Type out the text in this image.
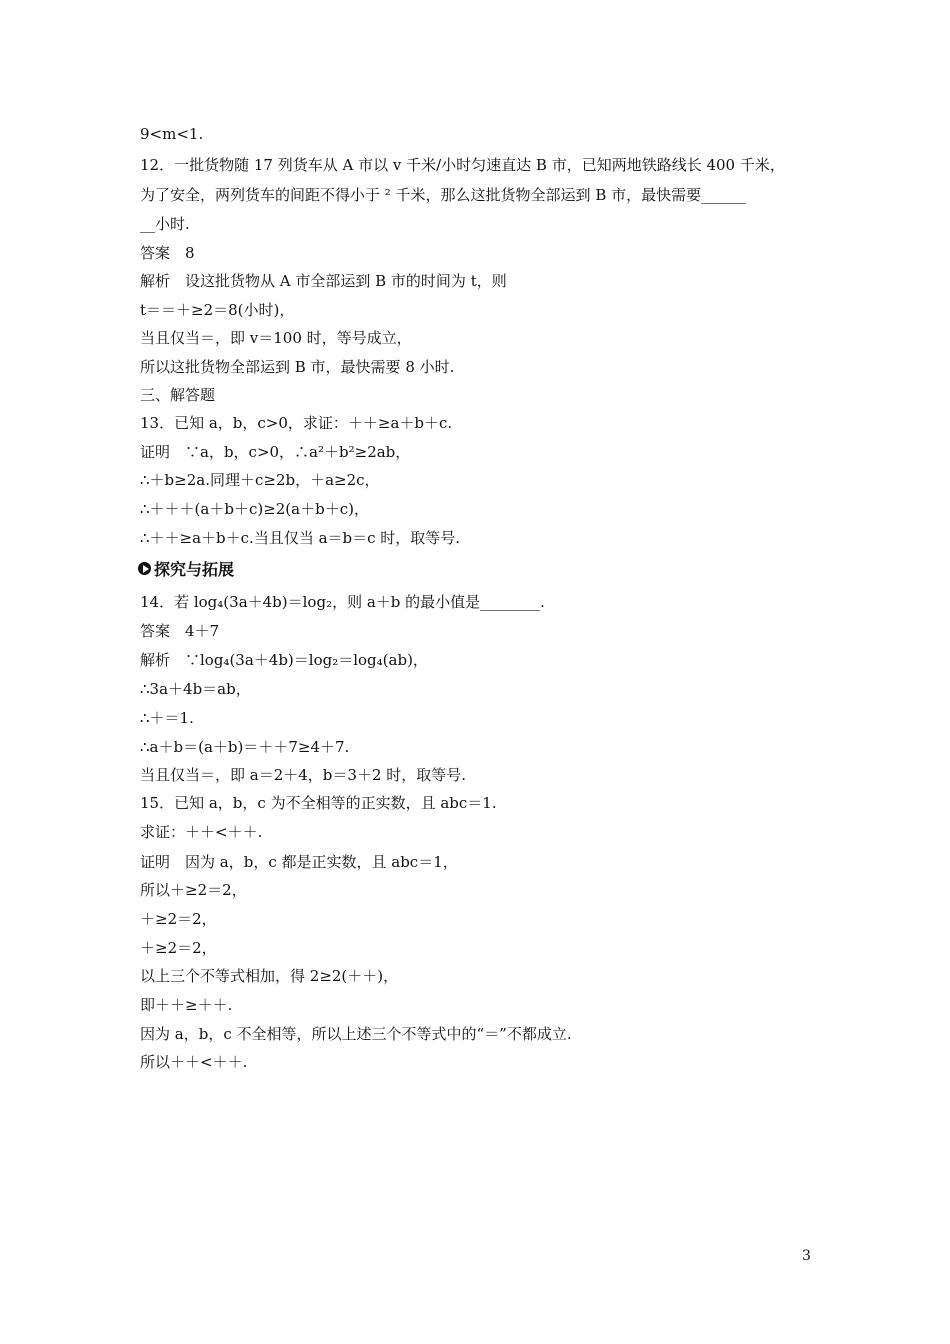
9<m<1.
12．一批货物随 17 列货车从 A 市以 v 千米/小时匀速直达 B 市，已知两地铁路线长 400 千米，
为了安全，两列货车的间距不得小于 ² 千米，那么这批货物全部运到 B 市，最快需要______
__小时.
答案　8
解析　设这批货物从 A 市全部运到 B 市的时间为 t，则
t＝＝＋≥2＝8(小时)，
当且仅当＝，即 v＝100 时，等号成立，
所以这批货物全部运到 B 市，最快需要 8 小时.
三、解答题
13．已知 a，b，c>0，求证：＋＋≥a＋b＋c.
证明　∵a，b，c>0，∴a²＋b²≥2ab，
∴＋b≥2a.同理＋c≥2b，＋a≥2c，
∴＋＋＋(a＋b＋c)≥2(a＋b＋c)，
∴＋＋≥a＋b＋c.当且仅当 a＝b＝c 时，取等号.
探究与拓展
14．若 log₄(3a＋4b)＝log₂，则 a＋b 的最小值是________.
答案　4＋7
解析　∵log₄(3a＋4b)＝log₂＝log₄(ab)，
∴3a＋4b＝ab，
∴＋＝1.
∴a＋b＝(a＋b)＝＋＋7≥4＋7.
当且仅当＝，即 a＝2＋4，b＝3＋2 时，取等号.
15．已知 a，b，c 为不全相等的正实数，且 abc＝1.
求证：＋＋<＋＋.
证明　因为 a，b，c 都是正实数，且 abc＝1，
所以＋≥2＝2，
＋≥2＝2，
＋≥2＝2，
以上三个不等式相加，得 2≥2(＋＋)，
即＋＋≥＋＋.
因为 a，b，c 不全相等，所以上述三个不等式中的“＝”不都成立.
所以＋＋<＋＋.
3
